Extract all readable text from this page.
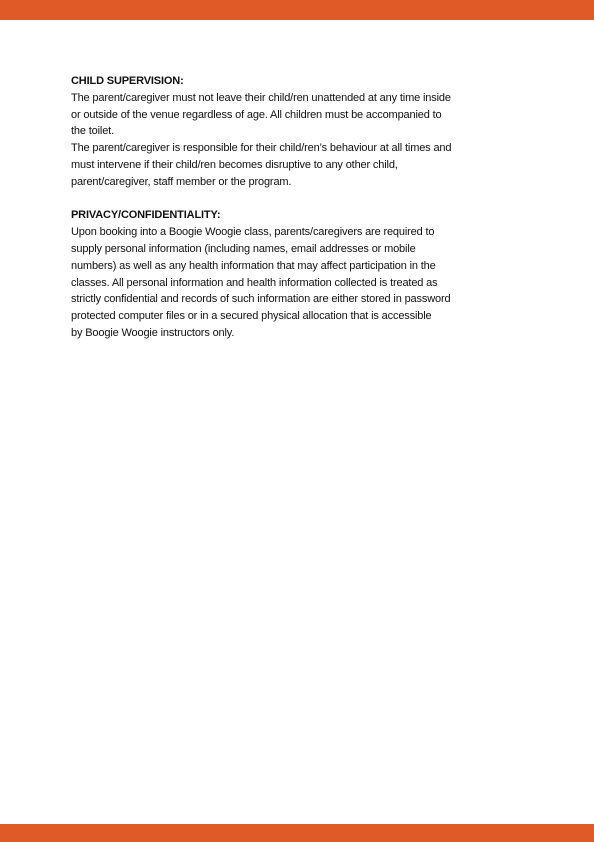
CHILD SUPERVISION:

The parent/caregiver must not leave their child/ren unattended at any time inside
or outside of the venue regardless of age. All children must be accompanied to
the toilet.

The parent/caregiver is responsible for their child/ren’s behaviour at all times and
must intervene if their child/ren becomes disruptive to any other child,
parent/caregiver, staff member or the program.

PRIVACY/CONFIDENTIALITY:

Upon booking into a Boogie Woogie class, parents/caregivers are required to
supply personal information (including names, email addresses or mobile
numbers) as well as any health information that may affect participation in the
classes. All personal information and health information collected is treated as
strictly confidential and records of such information are either stored in password
protected computer files or in a secured physical allocation that is accessible
by Boogie Woogie instructors only.
